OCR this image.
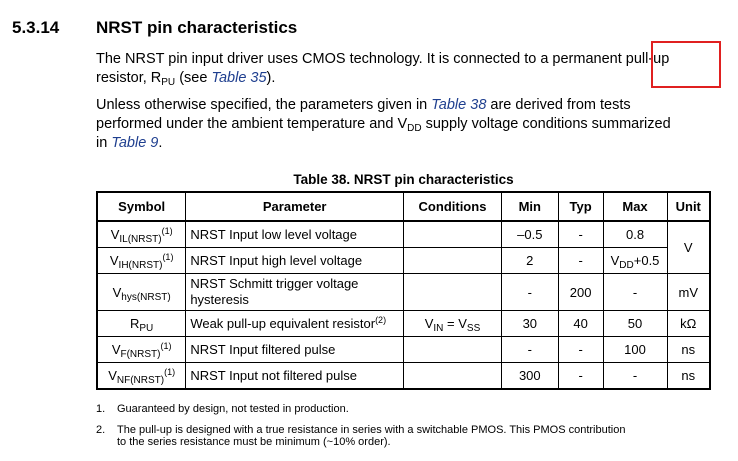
5.3.14 NRST pin characteristics
The NRST pin input driver uses CMOS technology. It is connected to a permanent pull-up
resistor, $R_{PU}$ (see Table 35).
Unless otherwise specified, the parameters given in Table 38 are derived from tests
performed under the ambient temperature and $V_{DD}$ supply voltage conditions summarized
in Table 9.
Table 38. NRST pin characteristics
Symbol	Parameter	Conditions	Min	Typ	Max	Unit
$V_{IL(NRST)}^{(1)}$	NRST Input low level voltage		–0.5	-	0.8	V
$V_{IH(NRST)}^{(1)}$	NRST Input high level voltage		2	-	$V_{DD}+0.5$	
$V_{hys(NRST)}$	NRST Schmitt trigger voltage
hysteresis		-	200	-	mV
$R_{PU}$	Weak pull-up equivalent resistor$^{(2)}$	$V_{IN} = V_{SS}$	30	40	50	kΩ
$V_{F(NRST)}^{(1)}$	NRST Input filtered pulse		-	-	100	ns
$V_{NF(NRST)}^{(1)}$	NRST Input not filtered pulse		300	-	-	ns
1. Guaranteed by design, not tested in production.
2. The pull-up is designed with a true resistance in series with a switchable PMOS. This PMOS contribution
to the series resistance must be minimum (~10% order).
